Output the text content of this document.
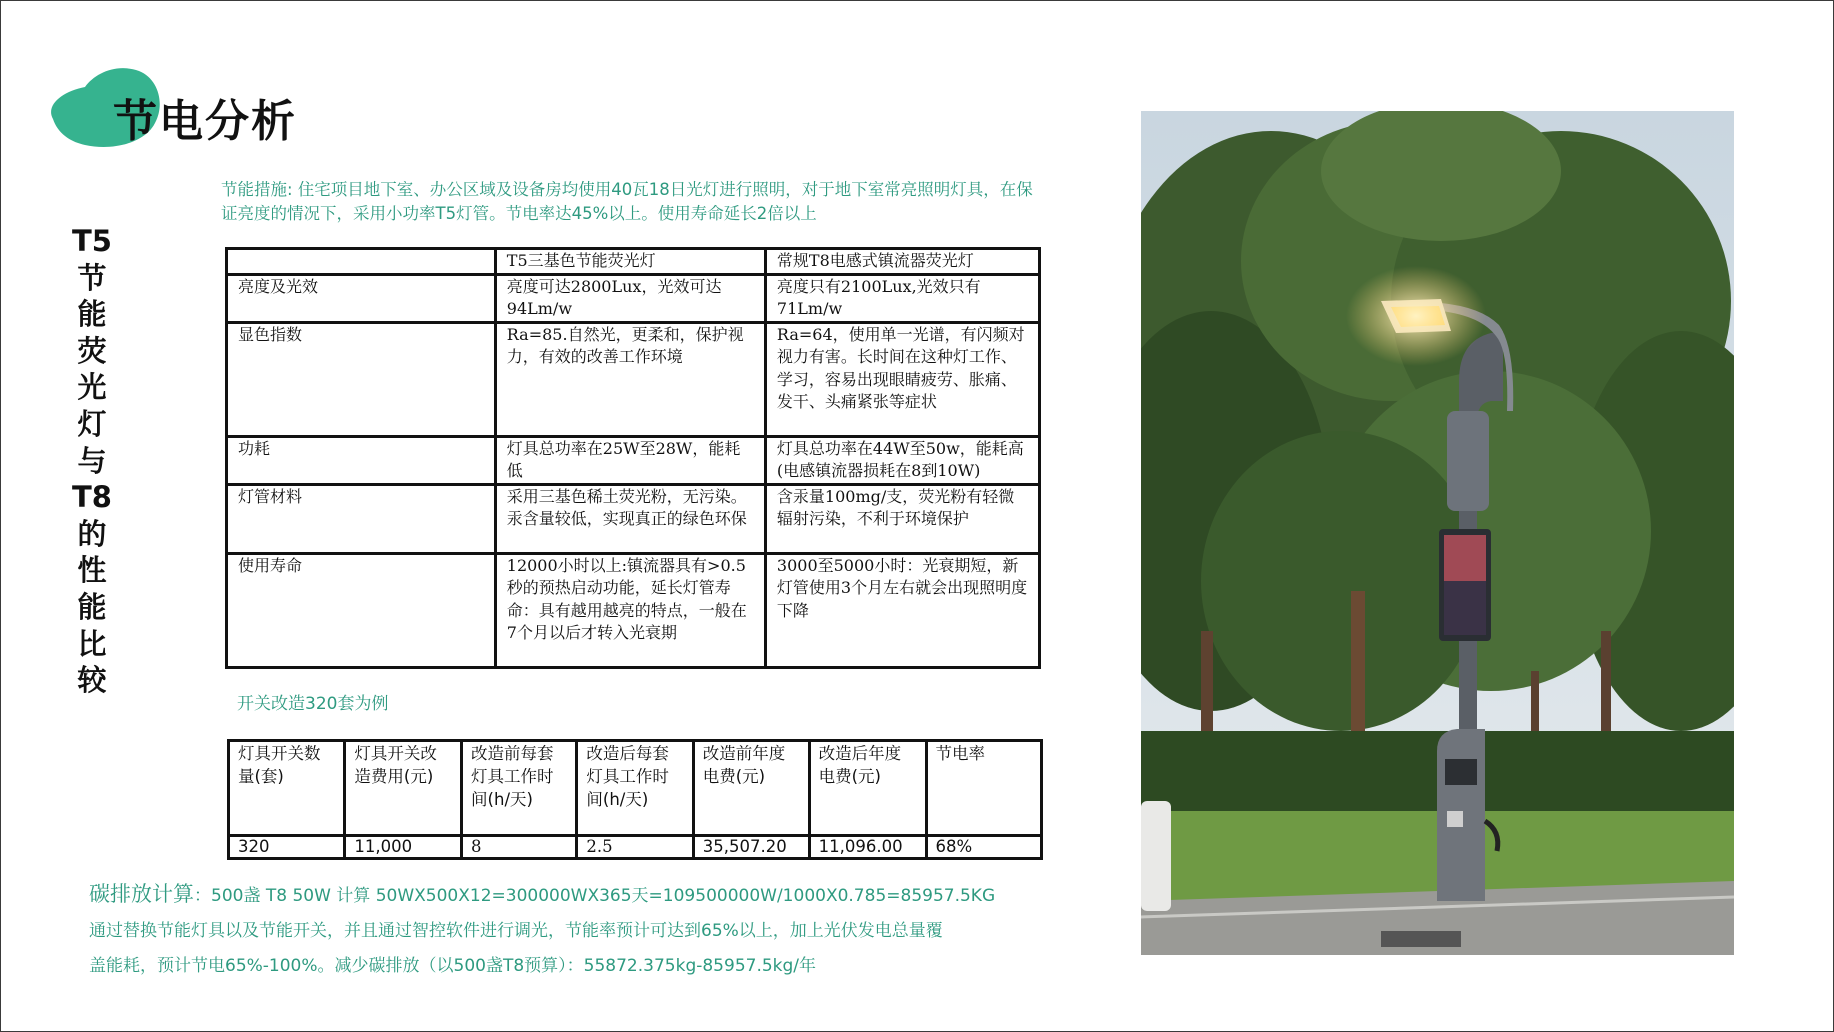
节电分析
T5
节
能
荧
光
灯
与
T8
的
性
能
比
较
节能措施: 住宅项目地下室、办公区域及设备房均使用40瓦18日光灯进行照明，对于地下室常亮照明灯具，在保证亮度的情况下，采用小功率T5灯管。节电率达45%以上。使用寿命延长2倍以上
	T5三基色节能荧光灯	常规T8电感式镇流器荧光灯
亮度及光效	亮度可达2800Lux，光效可达94Lm/w	亮度只有2100Lux,光效只有71Lm/w
显色指数	Ra=85.自然光，更柔和，保护视力，有效的改善工作环境	Ra=64，使用单一光谱，有闪频对视力有害。长时间在这种灯工作、学习，容易出现眼睛疲劳、胀痛、发干、头痛紧张等症状
功耗	灯具总功率在25W至28W，能耗低	灯具总功率在44W至50w，能耗高(电感镇流器损耗在8到10W)
灯管材料	采用三基色稀土荧光粉，无污染。汞含量较低，实现真正的绿色环保	含汞量100mg/支，荧光粉有轻微辐射污染，不利于环境保护
使用寿命	12000小时以上:镇流器具有>0.5秒的预热启动功能，延长灯管寿命：具有越用越亮的特点，一般在7个月以后才转入光衰期	3000至5000小时：光衰期短，新灯管使用3个月左右就会出现照明度下降
开关改造320套为例
灯具开关数量(套)	灯具开关改造费用(元)	改造前每套灯具工作时间(h/天)	改造后每套灯具工作时间(h/天)	改造前年度电费(元)	改造后年度电费(元)	节电率
320	11,000	8	2.5	35,507.20	11,096.00	68%
碳排放计算：500盏 T8 50W 计算 50WX500X12=300000WX365天=109500000W/1000X0.785=85957.5KG
通过替换节能灯具以及节能开关，并且通过智控软件进行调光，节能率预计可达到65%以上，加上光伏发电总量覆
盖能耗，预计节电65%-100%。减少碳排放（以500盏T8预算）：55872.375kg-85957.5kg/年
